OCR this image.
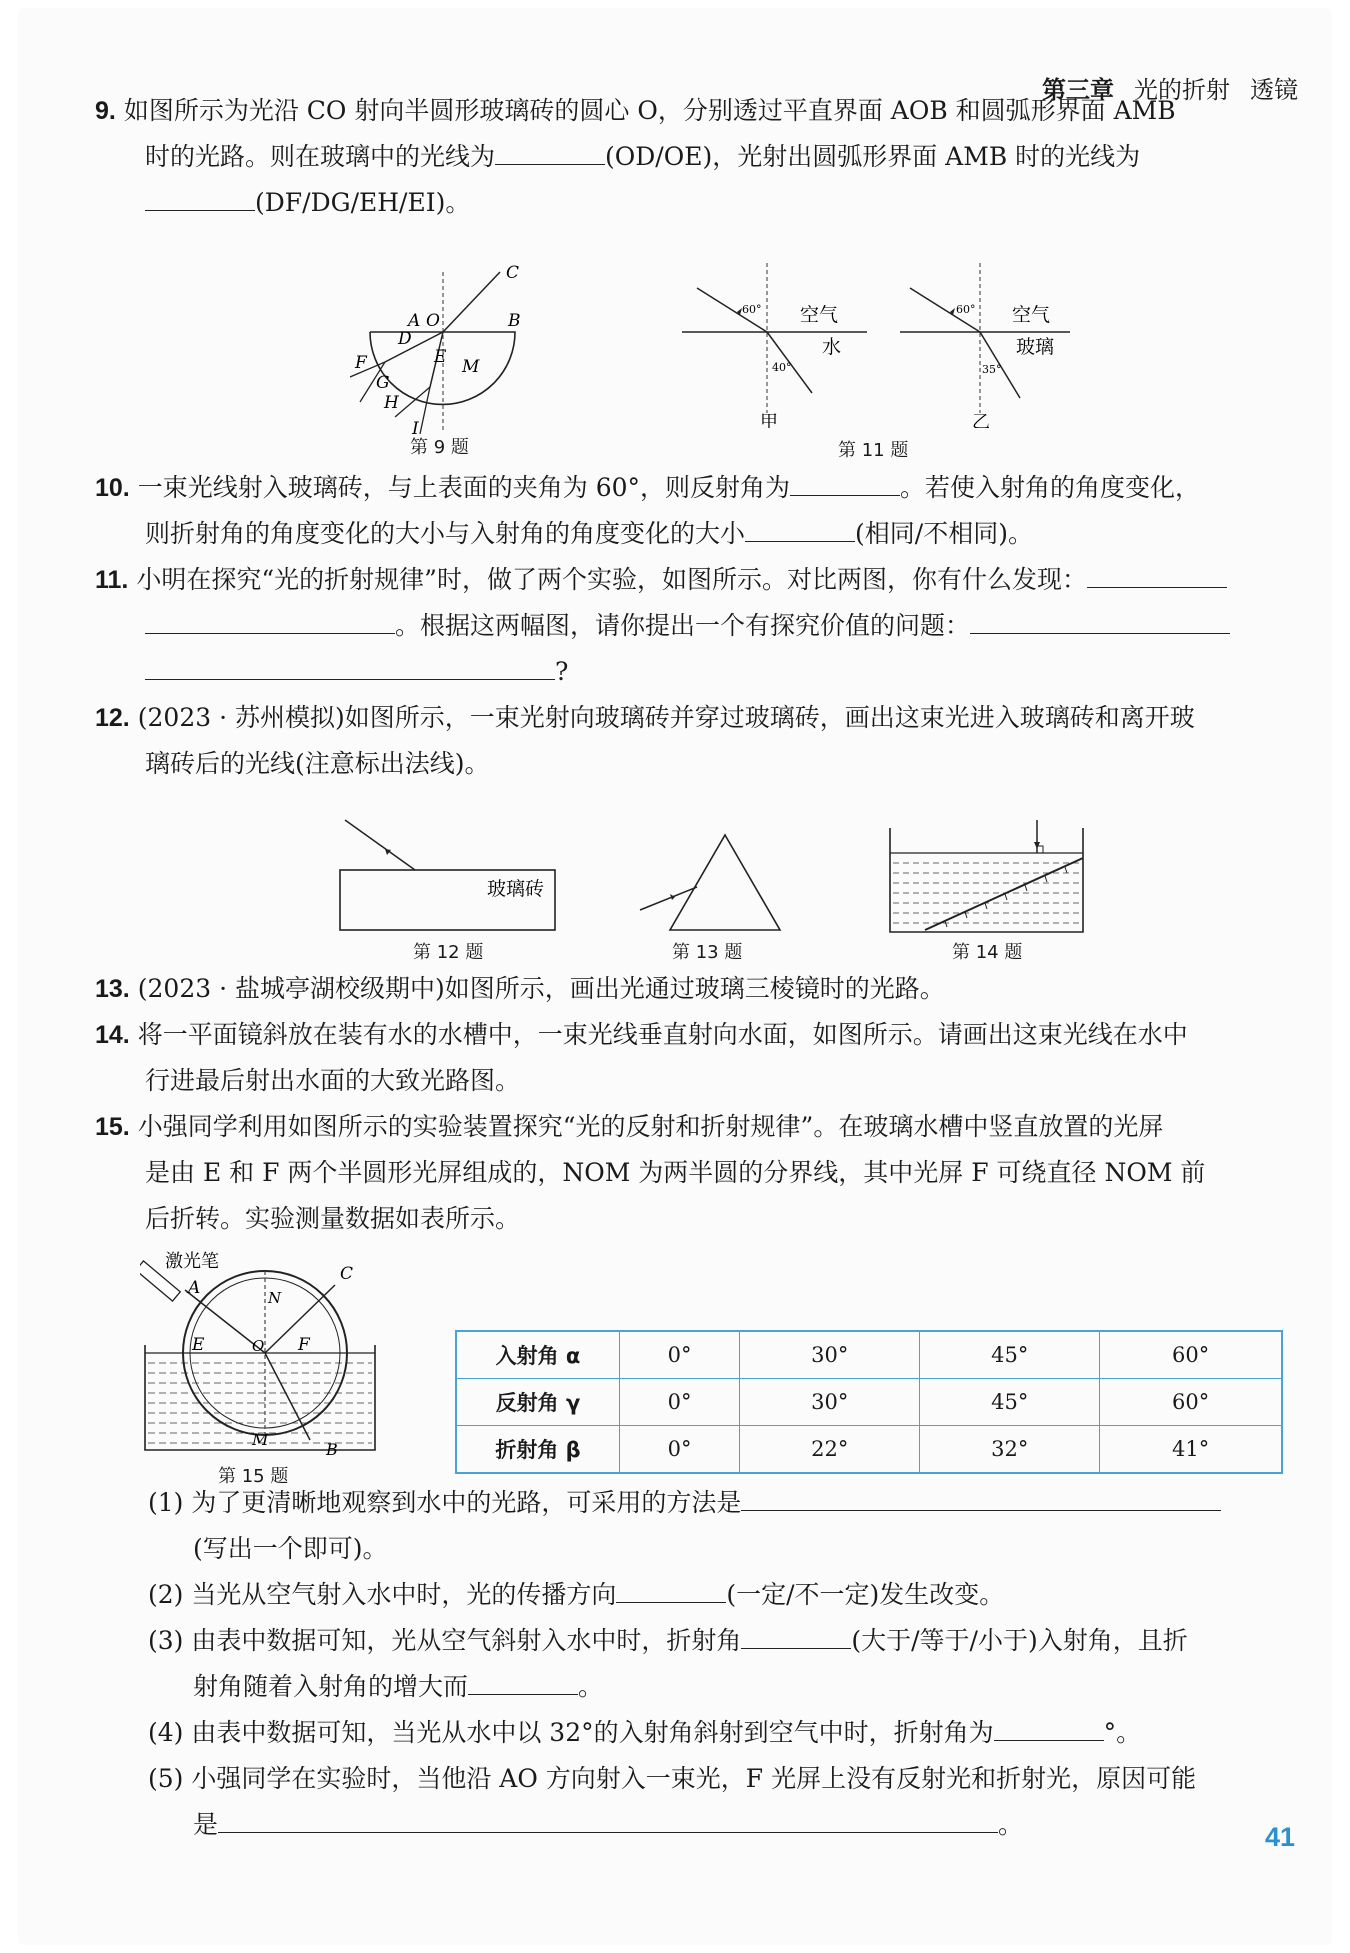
第三章 光的折射 透镜
9. 如图所示为光沿 CO 射向半圆形玻璃砖的圆心 O，分别透过平直界面 AOB 和圆弧形界面 AMB
时的光路。则在玻璃中的光线为	(OD/OE)，光射出圆弧形界面 AMB 时的光线为
(DF/DG/EH/EI)。
C
A O	B
D
E M
F
G
H
I
第 9 题
60°
40°
空气
水
甲
60°
35°
空气
玻璃
乙
第 11 题
10. 一束光线射入玻璃砖，与上表面的夹角为 60°，则反射角为	。若使入射角的角度变化，
则折射角的角度变化的大小与入射角的角度变化的大小	(相同/不相同)。
11. 小明在探究“光的折射规律”时，做了两个实验，如图所示。对比两图，你有什么发现：
。根据这两幅图，请你提出一个有探究价值的问题：
?
12. (2023 · 苏州模拟)如图所示，一束光射向玻璃砖并穿过玻璃砖，画出这束光进入玻璃砖和离开玻
璃砖后的光线(注意标出法线)。
玻璃砖
第 12 题	第 13 题	第 14 题
13. (2023 · 盐城亭湖校级期中)如图所示，画出光通过玻璃三棱镜时的光路。
14. 将一平面镜斜放在装有水的水槽中，一束光线垂直射向水面，如图所示。请画出这束光线在水中
行进最后射出水面的大致光路图。
15. 小强同学利用如图所示的实验装置探究“光的反射和折射规律”。在玻璃水槽中竖直放置的光屏
是由 E 和 F 两个半圆形光屏组成的，NOM 为两半圆的分界线，其中光屏 F 可绕直径 NOM 前
后折转。实验测量数据如表所示。
激光笔
A
C
N
E	O F
B
M
第 15 题
入射角 α	0°	30°	45°	60°
反射角 γ	0°	30°	45°	60°
折射角 β	0°	22°	32°	41°
(1) 为了更清晰地观察到水中的光路，可采用的方法是
(写出一个即可)。
(2) 当光从空气射入水中时，光的传播方向	(一定/不一定)发生改变。
(3) 由表中数据可知，光从空气斜射入水中时，折射角	(大于/等于/小于)入射角，且折
射角随着入射角的增大而	。
(4) 由表中数据可知，当光从水中以 32°的入射角斜射到空气中时，折射角为	°。
(5) 小强同学在实验时，当他沿 AO 方向射入一束光，F 光屏上没有反射光和折射光，原因可能
是	。	41
